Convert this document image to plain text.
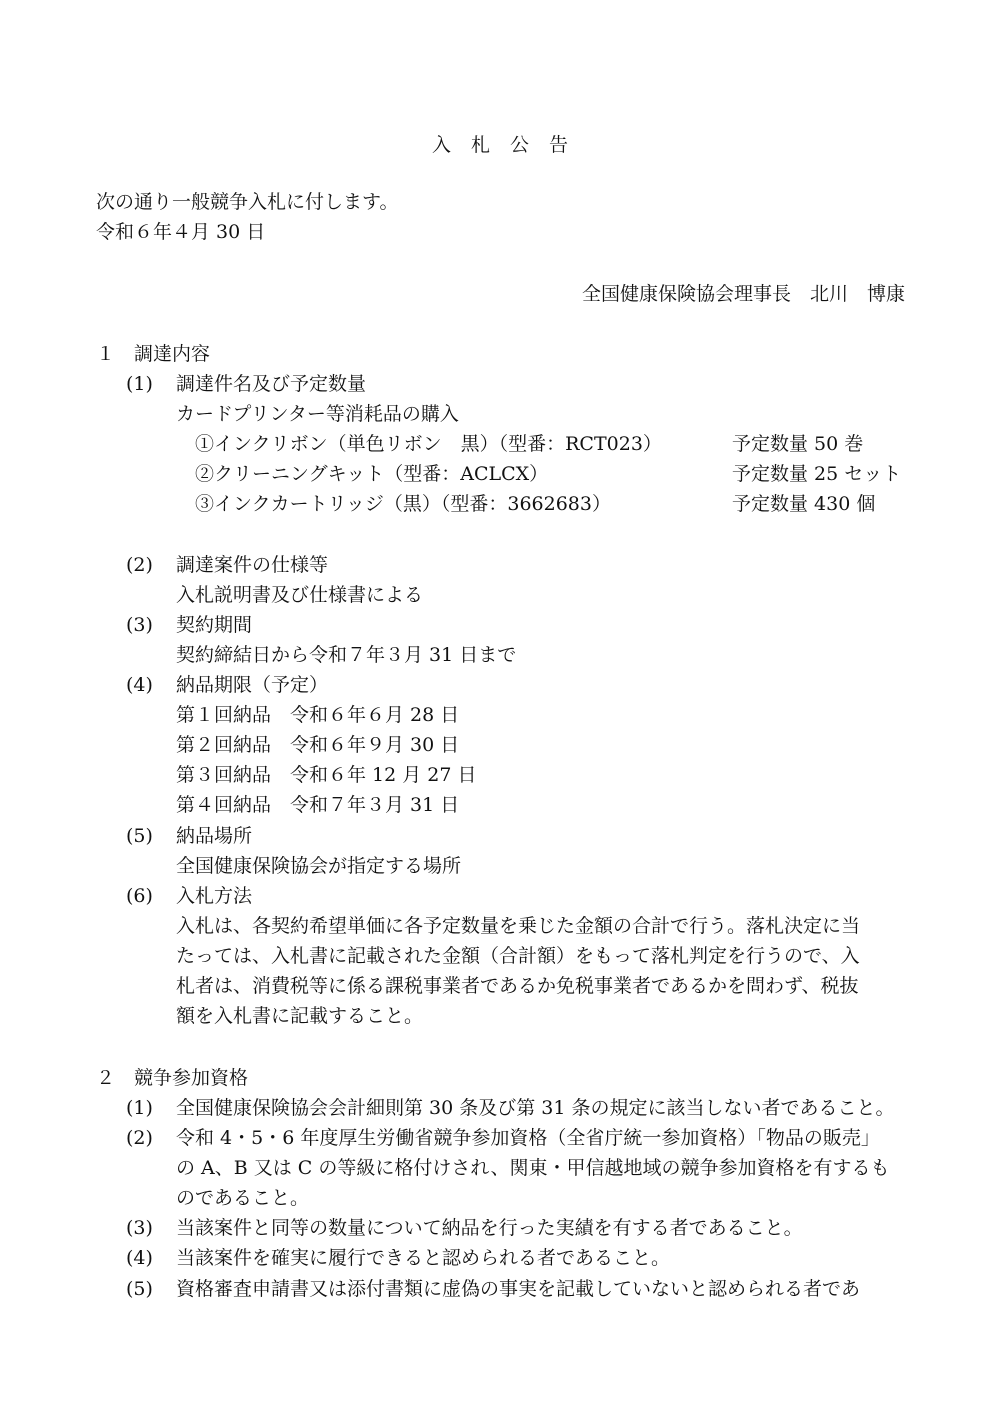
入札公告
次の通り一般競争入札に付します。
令和６年４月 30 日
全国健康保険協会理事長　北川　博康
１　調達内容
(1) 調達件名及び予定数量
カードプリンター等消耗品の購入
①インクリボン（単色リボン　黒）（型番：RCT023）	予定数量 50 巻
②クリーニングキット（型番：ACLCX）	予定数量 25 セット
③インクカートリッジ（黒）（型番：3662683）	予定数量 430 個
(2) 調達案件の仕様等
入札説明書及び仕様書による
(3) 契約期間
契約締結日から令和７年３月 31 日まで
(4) 納品期限（予定）
第１回納品　令和６年６月 28 日
第２回納品　令和６年９月 30 日
第３回納品　令和６年 12 月 27 日
第４回納品　令和７年３月 31 日
(5) 納品場所
全国健康保険協会が指定する場所
(6) 入札方法
入札は、各契約希望単価に各予定数量を乗じた金額の合計で行う。落札決定に当
たっては、入札書に記載された金額（合計額）をもって落札判定を行うので、入
札者は、消費税等に係る課税事業者であるか免税事業者であるかを問わず、税抜
額を入札書に記載すること。
２　競争参加資格
(1) 全国健康保険協会会計細則第 30 条及び第 31 条の規定に該当しない者であること。
(2) 令和 4・5・6 年度厚生労働省競争参加資格（全省庁統一参加資格）「物品の販売」
の A、B 又は C の等級に格付けされ、関東・甲信越地域の競争参加資格を有するも
のであること。
(3) 当該案件と同等の数量について納品を行った実績を有する者であること。
(4) 当該案件を確実に履行できると認められる者であること。
(5) 資格審査申請書又は添付書類に虚偽の事実を記載していないと認められる者であ
